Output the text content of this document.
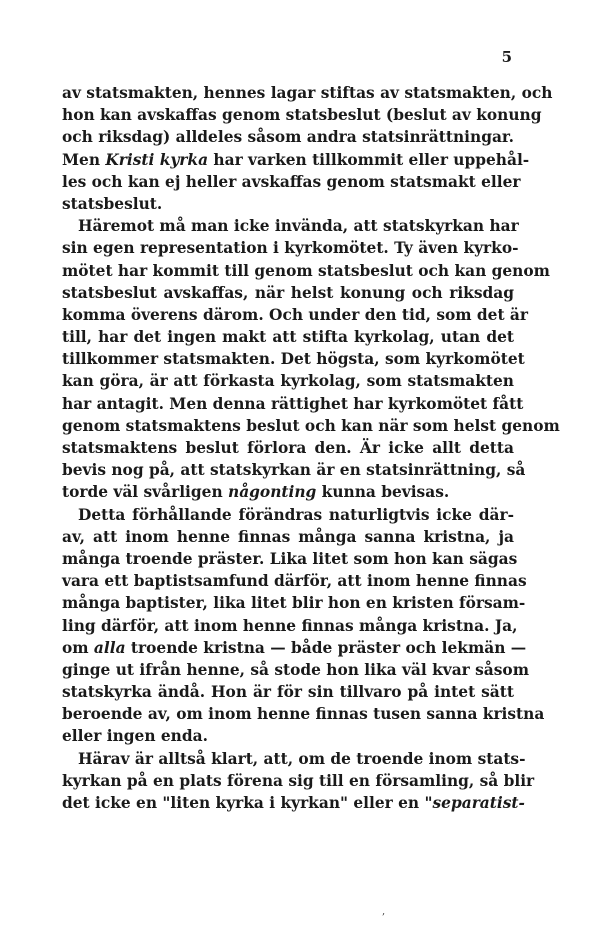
5
av statsmakten, hennes lagar stiftas av statsmakten, och
hon kan avskaffas genom statsbeslut (beslut av konung
och riksdag) alldeles såsom andra statsinrättningar.
Men Kristi kyrka har varken tillkommit eller uppehål-
les och kan ej heller avskaffas genom statsmakt eller
statsbeslut.
Häremot må man icke invända, att statskyrkan har
sin egen representation i kyrkomötet. Ty även kyrko-
mötet har kommit till genom statsbeslut och kan genom
statsbeslut avskaffas, när helst konung och riksdag
komma överens därom. Och under den tid, som det är
till, har det ingen makt att stifta kyrkolag, utan det
tillkommer statsmakten. Det högsta, som kyrkomötet
kan göra, är att förkasta kyrkolag, som statsmakten
har antagit. Men denna rättighet har kyrkomötet fått
genom statsmaktens beslut och kan när som helst genom
statsmaktens beslut förlora den. Är icke allt detta
bevis nog på, att statskyrkan är en statsinrättning, så
torde väl svårligen någonting kunna bevisas.
Detta förhållande förändras naturligtvis icke där-
av, att inom henne finnas många sanna kristna, ja
många troende präster. Lika litet som hon kan sägas
vara ett baptistsamfund därför, att inom henne finnas
många baptister, lika litet blir hon en kristen försam-
ling därför, att inom henne finnas många kristna. Ja,
om alla troende kristna — både präster och lekmän —
ginge ut ifrån henne, så stode hon lika väl kvar såsom
statskyrka ändå. Hon är för sin tillvaro på intet sätt
beroende av, om inom henne finnas tusen sanna kristna
eller ingen enda.
Härav är alltså klart, att, om de troende inom stats-
kyrkan på en plats förena sig till en församling, så blir
det icke en "liten kyrka i kyrkan" eller en "separatist-
,
